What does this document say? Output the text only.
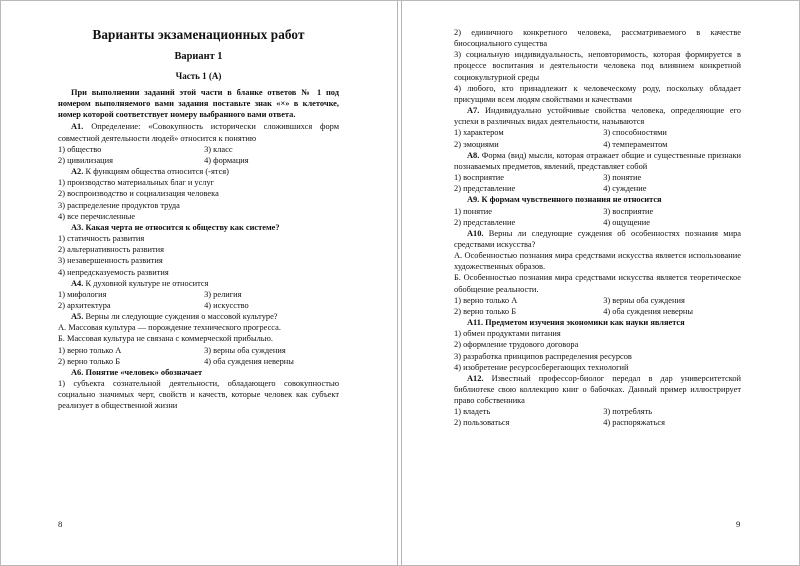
Варианты экзаменационных работ
Вариант 1
Часть 1 (A)

При выполнении заданий этой части в бланке ответов № 1 под номером выполняемого вами задания поставьте знак «×» в клеточке, номер которой соответствует номеру выбранного вами ответа.

A1. Определение: «Совокупность исторически сложившихся форм совместной деятельности людей» относится к понятию

1) общество	3) класс
2) цивилизация	4) формация

A2. К функциям общества относится (-ятся)

1) производство материальных благ и услуг

2) воспроизводство и социализация человека

3) распределение продуктов труда

4) все перечисленные

A3. Какая черта не относится к обществу как системе?

1) статичность развития

2) альтернативность развития

3) незавершенность развития

4) непредсказуемость развития

A4. К духовной культуре не относится

1) мифология	3) религия
2) архитектура	4) искусство

A5. Верны ли следующие суждения о массовой культуре?

А. Массовая культура — порождение технического прогресса.

Б. Массовая культура не связана с коммерческой прибылью.

1) верно только А	3) верны оба суждения
2) верно только Б	4) оба суждения неверны

A6. Понятие «человек» обозначает

1) субъекта сознательной деятельности, обладающего совокупностью социально значимых черт, свойств и качеств, которые человек как субъект реализует в общественной жизни

8

2) единичного конкретного человека, рассматриваемого в качестве биосоциального существа

3) социальную индивидуальность, неповторимость, которая формируется в процессе воспитания и деятельности человека под влиянием конкретной социокультурной среды

4) любого, кто принадлежит к человеческому роду, поскольку обладает присущими всем людям свойствами и качествами

A7. Индивидуально устойчивые свойства человека, определяющие его успехи в различных видах деятельности, называются

1) характером	3) способностями
2) эмоциями	4) темпераментом

A8. Форма (вид) мысли, которая отражает общие и существенные признаки познаваемых предметов, явлений, представляет собой

1) восприятие	3) понятие
2) представление	4) суждение

A9. К формам чувственного познания не относится

1) понятие	3) восприятие
2) представление	4) ощущение

A10. Верны ли следующие суждения об особенностях познания мира средствами искусства?

А. Особенностью познания мира средствами искусства является использование художественных образов.

Б. Особенностью познания мира средствами искусства является теоретическое обобщение реальности.

1) верно только А	3) верны оба суждения
2) верно только Б	4) оба суждения неверны

A11. Предметом изучения экономики как науки является

1) обмен продуктами питания

2) оформление трудового договора

3) разработка принципов распределения ресурсов

4) изобретение ресурсосберегающих технологий

A12. Известный профессор-биолог передал в дар университетской библиотеке свою коллекцию книг о бабочках. Данный пример иллюстрирует право собственника

1) владеть	3) потреблять
2) пользоваться	4) распоряжаться
9
